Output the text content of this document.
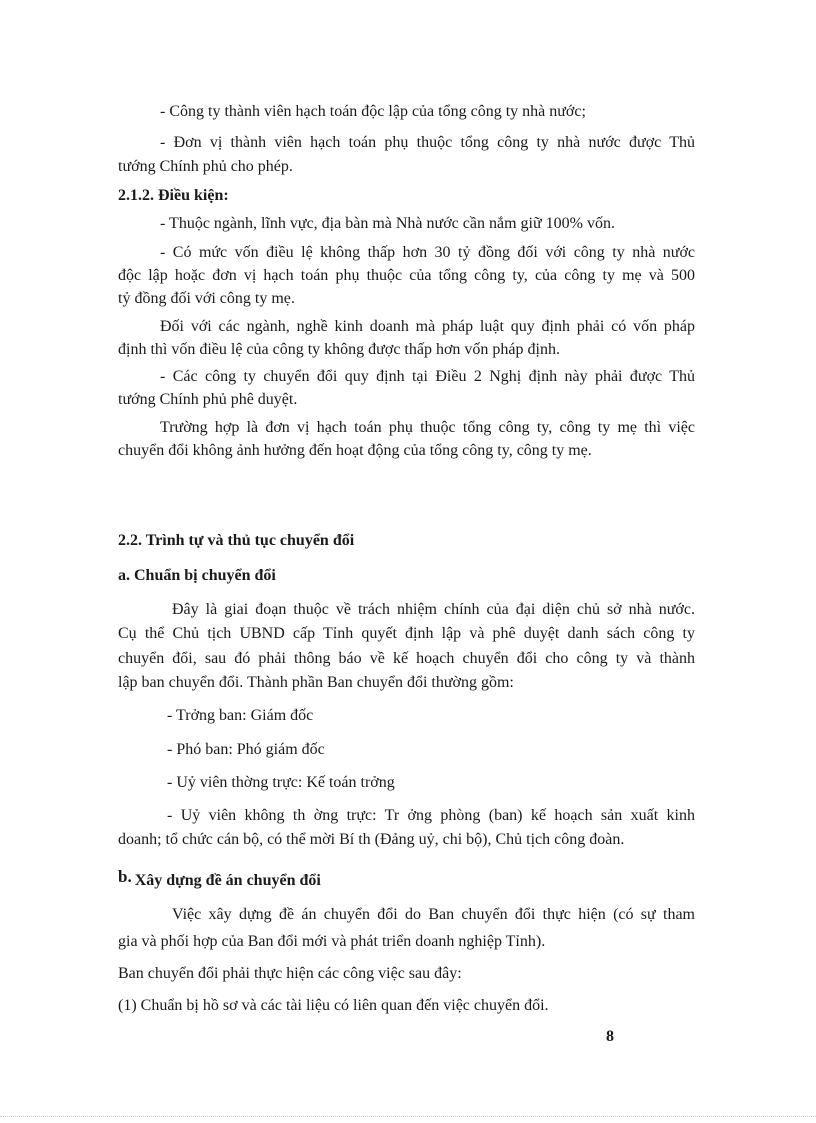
- Công ty thành viên hạch toán độc lập của tổng công ty nhà nước;
- Đơn vị thành viên hạch toán phụ thuộc tổng công ty nhà nước được Thủ
tướng Chính phủ cho phép.
2.1.2. Điều kiện:
- Thuộc ngành, lĩnh vực, địa bàn mà Nhà nước cần nắm giữ 100% vốn.
- Có mức vốn điều lệ không thấp hơn 30 tỷ đồng đối với công ty nhà nước
độc lập hoặc đơn vị hạch toán phụ thuộc của tổng công ty, của công ty mẹ và 500
tỷ đồng đối với công ty mẹ.
Đối với các ngành, nghề kinh doanh mà pháp luật quy định phải có vốn pháp
định thì vốn điều lệ của công ty không được thấp hơn vốn pháp định.
- Các công ty chuyển đổi quy định tại Điều 2 Nghị định này phải được Thủ
tướng Chính phủ phê duyệt.
Trường hợp là đơn vị hạch toán phụ thuộc tổng công ty, công ty mẹ thì việc
chuyển đổi không ảnh hưởng đến hoạt động của tổng công ty, công ty mẹ.
2.2. Trình tự và thủ tục chuyển đổi
a. Chuẩn bị chuyển đổi
Đây là giai đoạn thuộc về trách nhiệm chính của đại diện chủ sở nhà nước.
Cụ thể Chủ tịch UBND cấp Tỉnh quyết định lập và phê duyệt danh sách công ty
chuyển đổi, sau đó phải thông báo về kế hoạch chuyển đổi cho công ty và thành
lập ban chuyển đổi. Thành phần Ban chuyển đổi thường gồm:
- Trởng ban: Giám đốc
- Phó ban: Phó giám đốc
- Uỷ viên thờng trực: Kế toán trởng
- Uỷ viên không th ờng trực: Tr ởng phòng (ban) kế hoạch sản xuất kinh
doanh; tổ chức cán bộ, có thể mời Bí th (Đảng uỷ, chi bộ), Chủ tịch công đoàn.
b. Xây dựng đề án chuyển đổi
Việc xây dựng đề án chuyển đổi do Ban chuyển đổi thực hiện (có sự tham
gia và phối hợp của Ban đổi mới và phát triển doanh nghiệp Tỉnh).
Ban chuyển đổi phải thực hiện các công việc sau đây:
(1) Chuẩn bị hồ sơ và các tài liệu có liên quan đến việc chuyển đổi.
8
